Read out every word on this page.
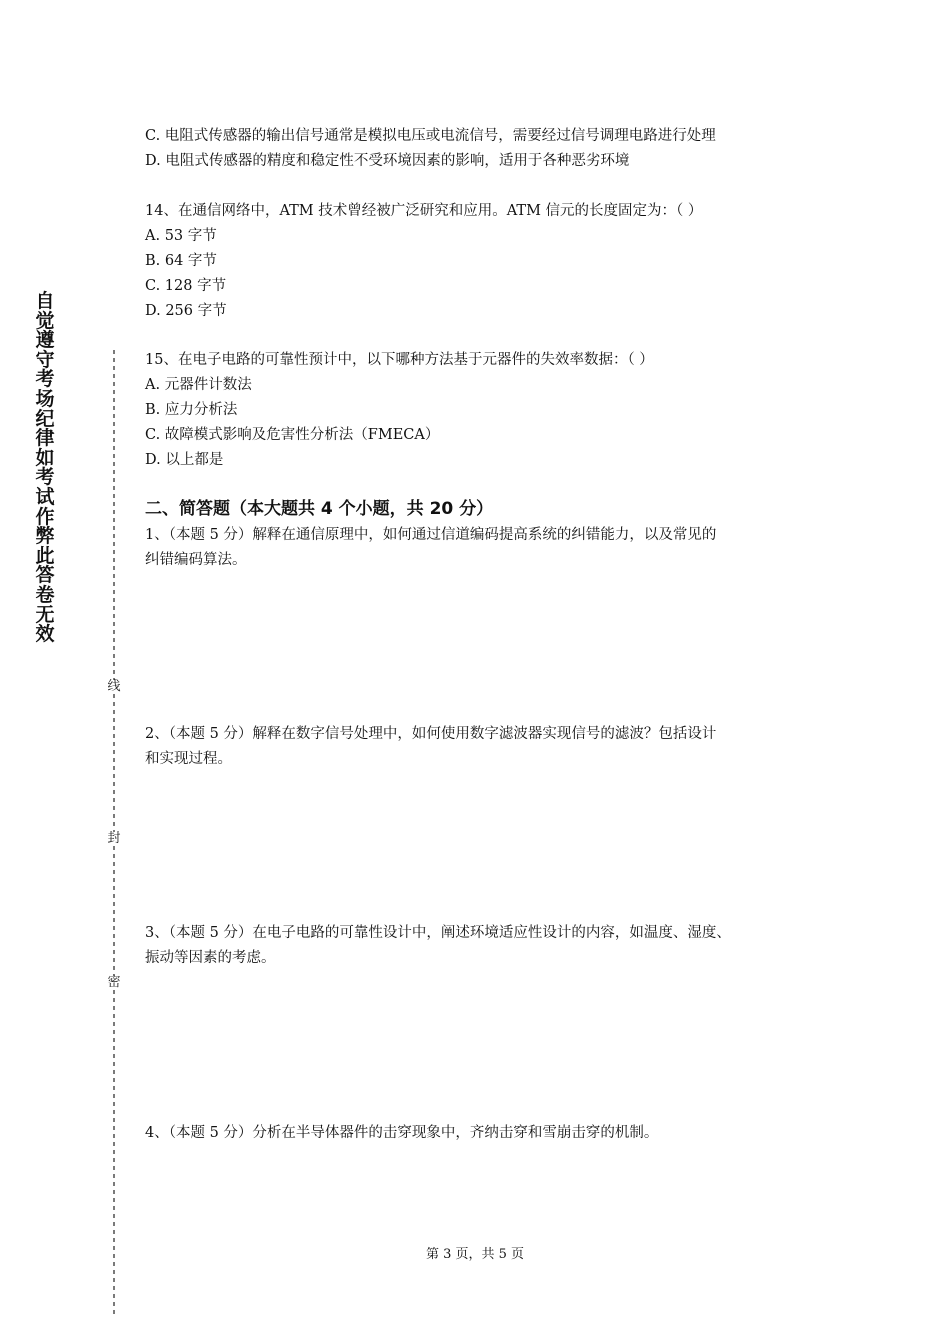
自
觉
遵
守
考
场
纪
律
如
考
试
作
弊
此
答
卷
无
效
线
封
密
C. 电阻式传感器的输出信号通常是模拟电压或电流信号，需要经过信号调理电路进行处理
D. 电阻式传感器的精度和稳定性不受环境因素的影响，适用于各种恶劣环境
14、在通信网络中，ATM 技术曾经被广泛研究和应用。ATM 信元的长度固定为：（ ）
A. 53 字节
B. 64 字节
C. 128 字节
D. 256 字节
15、在电子电路的可靠性预计中，以下哪种方法基于元器件的失效率数据：（ ）
A. 元器件计数法
B. 应力分析法
C. 故障模式影响及危害性分析法（FMECA）
D. 以上都是
二、简答题（本大题共 4 个小题，共 20 分）
1、（本题 5 分）解释在通信原理中，如何通过信道编码提高系统的纠错能力，以及常见的
纠错编码算法。
2、（本题 5 分）解释在数字信号处理中，如何使用数字滤波器实现信号的滤波？包括设计
和实现过程。
3、（本题 5 分）在电子电路的可靠性设计中，阐述环境适应性设计的内容，如温度、湿度、
振动等因素的考虑。
4、（本题 5 分）分析在半导体器件的击穿现象中，齐纳击穿和雪崩击穿的机制。
第 3 页，共 5 页
